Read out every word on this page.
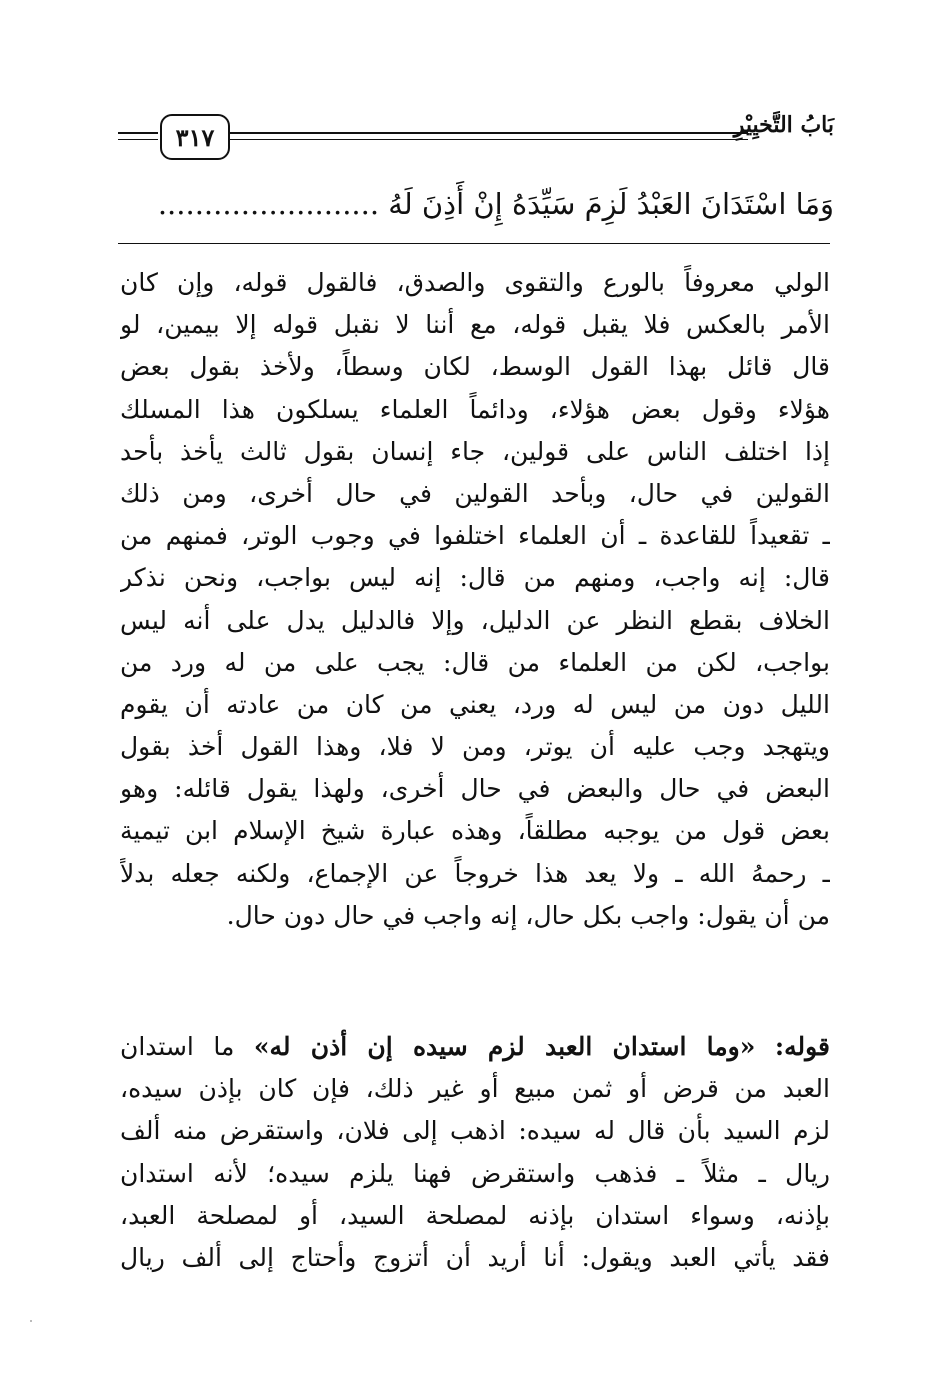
٣١٧	بَابُ التَّخيِيْرِ
وَمَا اسْتَدَانَ العَبْدُ لَزِمَ سَيِّدَهُ إِنْ أَذِنَ لَهُ ........................
الولي معروفاً بالورع والتقوى والصدق، فالقول قوله، وإن كان
الأمر بالعكس فلا يقبل قوله، مع أننا لا نقبل قوله إلا بيمين، لو
قال قائل بهذا القول الوسط، لكان وسطاً، ولأخذ بقول بعض
هؤلاء وقول بعض هؤلاء، ودائماً العلماء يسلكون هذا المسلك
إذا اختلف الناس على قولين، جاء إنسان بقول ثالث يأخذ بأحد
القولين في حال، وبأحد القولين في حال أخرى، ومن ذلك
ـ تقعيداً للقاعدة ـ أن العلماء اختلفوا في وجوب الوتر، فمنهم من
قال: إنه واجب، ومنهم من قال: إنه ليس بواجب، ونحن نذكر
الخلاف بقطع النظر عن الدليل، وإلا فالدليل يدل على أنه ليس
بواجب، لكن من العلماء من قال: يجب على من له ورد من
الليل دون من ليس له ورد، يعني من كان من عادته أن يقوم
ويتهجد وجب عليه أن يوتر، ومن لا فلا، وهذا القول أخذ بقول
البعض في حال والبعض في حال أخرى، ولهذا يقول قائله: وهو
بعض قول من يوجبه مطلقاً، وهذه عبارة شيخ الإسلام ابن تيمية
ـ رحمهُ الله ـ ولا يعد هذا خروجاً عن الإجماع، ولكنه جعله بدلاً
من أن يقول: واجب بكل حال، إنه واجب في حال دون حال.
قوله: «وما استدان العبد لزم سيده إن أذن له» ما استدان
العبد من قرض أو ثمن مبيع أو غير ذلك، فإن كان بإذن سيده،
لزم السيد بأن قال له سيده: اذهب إلى فلان، واستقرض منه ألف
ريال ـ مثلاً ـ فذهب واستقرض فهنا يلزم سيده؛ لأنه استدان
بإذنه، وسواء استدان بإذنه لمصلحة السيد، أو لمصلحة العبد،
فقد يأتي العبد ويقول: أنا أريد أن أتزوج وأحتاج إلى ألف ريال
